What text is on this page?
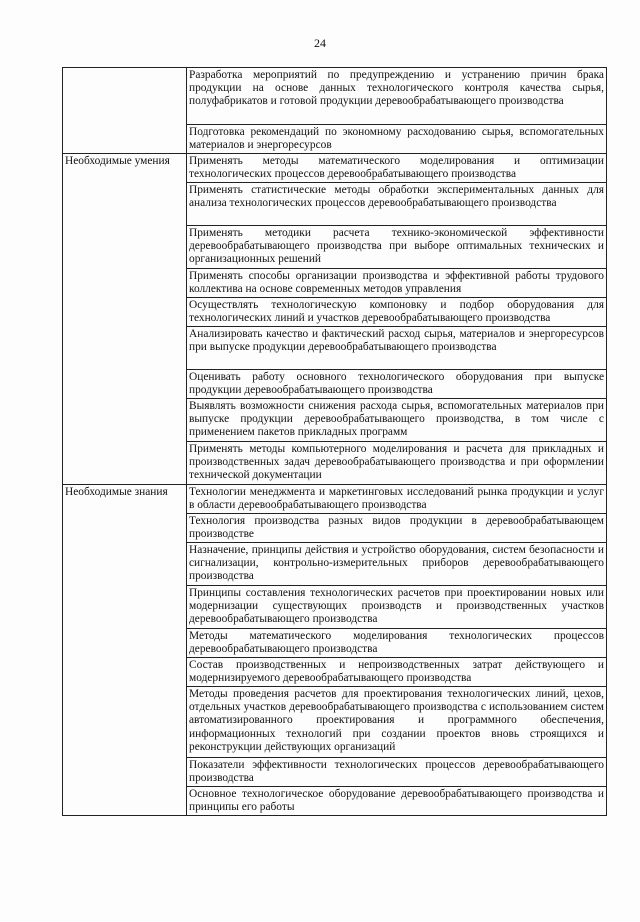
24
	Разработка мероприятий по предупреждению и устранению причин брака продукции на основе данных технологического контроля качества сырья, полуфабрикатов и готовой продукции деревообрабатывающего производства
	Подготовка рекомендаций по экономному расходованию сырья, вспомогательных материалов и энергоресурсов
Необходимые умения	Применять методы математического моделирования и оптимизации технологических процессов деревообрабатывающего производства
	Применять статистические методы обработки экспериментальных данных для анализа технологических процессов деревообрабатывающего производства
	Применять методики расчета технико-экономической эффективности деревообрабатывающего производства при выборе оптимальных технических и организационных решений
	Применять способы организации производства и эффективной работы трудового коллектива на основе современных методов управления
	Осуществлять технологическую компоновку и подбор оборудования для технологических линий и участков деревообрабатывающего производства
	Анализировать качество и фактический расход сырья, материалов и энергоресурсов при выпуске продукции деревообрабатывающего производства
	Оценивать работу основного технологического оборудования при выпуске продукции деревообрабатывающего производства
	Выявлять возможности снижения расхода сырья, вспомогательных материалов при выпуске продукции деревообрабатывающего производства, в том числе с применением пакетов прикладных программ
	Применять методы компьютерного моделирования и расчета для прикладных и производственных задач деревообрабатывающего производства и при оформлении технической документации
Необходимые знания	Технологии менеджмента и маркетинговых исследований рынка продукции и услуг в области деревообрабатывающего производства
	Технология производства разных видов продукции в деревообрабатывающем производстве
	Назначение, принципы действия и устройство оборудования, систем безопасности и сигнализации, контрольно-измерительных приборов деревообрабатывающего производства
	Принципы составления технологических расчетов при проектировании новых или модернизации существующих производств и производственных участков деревообрабатывающего производства
	Методы математического моделирования технологических процессов деревообрабатывающего производства
	Состав производственных и непроизводственных затрат действующего и модернизируемого деревообрабатывающего производства
	Методы проведения расчетов для проектирования технологических линий, цехов, отдельных участков деревообрабатывающего производства с использованием систем автоматизированного проектирования и программного обеспечения, информационных технологий при создании проектов вновь строящихся и реконструкции действующих организаций
	Показатели эффективности технологических процессов деревообрабатывающего производства
	Основное технологическое оборудование деревообрабатывающего производства и принципы его работы
